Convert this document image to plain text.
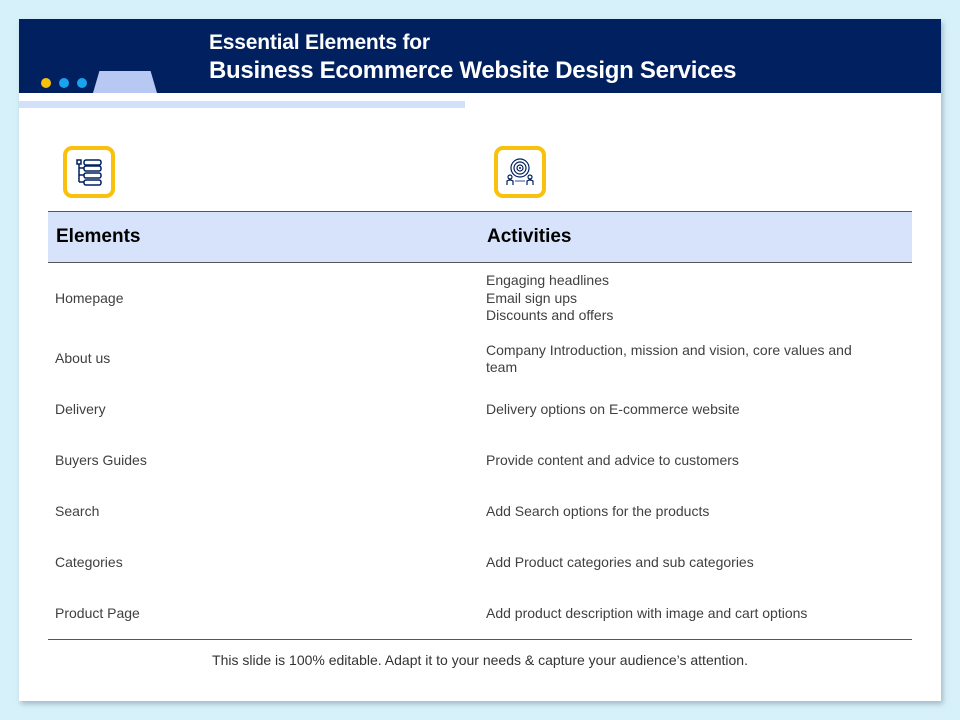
Essential Elements for
Business Ecommerce Website Design Services
Elements	Activities
Homepage	Engaging headlines
Email sign ups
Discounts and offers

About us	Company Introduction, mission and vision, core values and team

Delivery	Delivery options on E-commerce website

Buyers Guides	Provide content and advice to customers

Search	Add Search options for the products

Categories	Add Product categories and sub categories

Product Page	Add product description with image and cart options
This slide is 100% editable. Adapt it to your needs & capture your audience’s attention.
